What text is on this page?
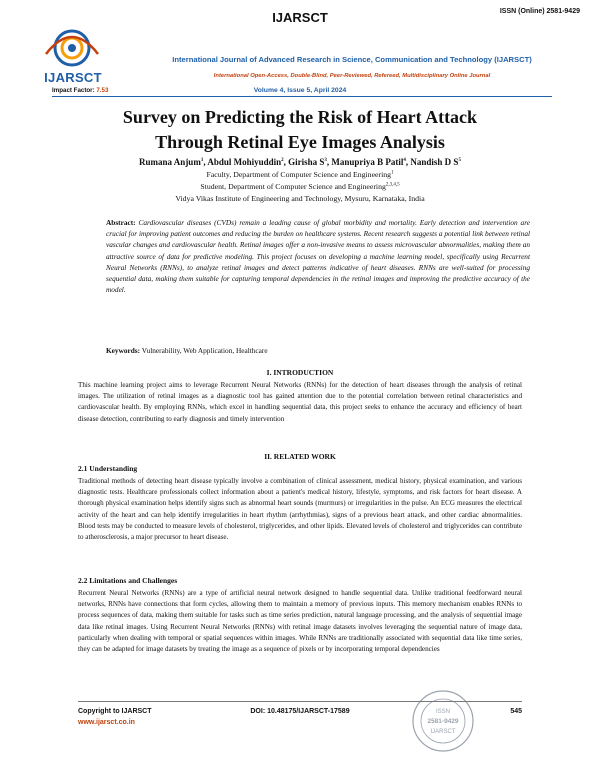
IJARSCT	ISSN (Online) 2581-9429
IJARSCT
International Journal of Advanced Research in Science, Communication and Technology (IJARSCT)
International Open-Access, Double-Blind, Peer-Reviewed, Refereed, Multidisciplinary Online Journal
Impact Factor: 7.53	Volume 4, Issue 5, April 2024
Survey on Predicting the Risk of Heart Attack
Through Retinal Eye Images Analysis
Rumana Anjum$^1$, Abdul Mohiyuddin$^2$, Girisha $S^3$, Manupriya B Patil$^4$, Nandish D $S^5$
Faculty, Department of Computer Science and Engineering$^1$
Student, Department of Computer Science and Engineering$^{2,3,4,5}$
Vidya Vikas Institute of Engineering and Technology, Mysuru, Karnataka, India
Abstract: Cardiovascular diseases (CVDs) remain a leading cause of global morbidity and mortality. Early detection and intervention are crucial for improving patient outcomes and reducing the burden on healthcare systems. Recent research suggests a potential link between retinal vascular changes and cardiovascular health. Retinal images offer a non-invasive means to assess microvascular abnormalities, making them an attractive source of data for predictive modeling. This project focuses on developing a machine learning model, specifically using Recurrent Neural Networks (RNNs), to analyze retinal images and detect patterns indicative of heart diseases. RNNs are well-suited for processing sequential data, making them suitable for capturing temporal dependencies in the retinal images and improving the predictive accuracy of the model.
Keywords: Vulnerability, Web Application, Healthcare
I. INTRODUCTION
This machine learning project aims to leverage Recurrent Neural Networks (RNNs) for the detection of heart diseases through the analysis of retinal images. The utilization of retinal images as a diagnostic tool has gained attention due to the potential correlation between retinal characteristics and cardiovascular health. By employing RNNs, which excel in handling sequential data, this project seeks to enhance the accuracy and efficiency of heart disease detection, contributing to early diagnosis and timely intervention
II. RELATED WORK
2.1 Understanding
Traditional methods of detecting heart disease typically involve a combination of clinical assessment, medical history, physical examination, and various diagnostic tests. Healthcare professionals collect information about a patient's medical history, lifestyle, symptoms, and risk factors for heart disease. A thorough physical examination helps identify signs such as abnormal heart sounds (murmurs) or irregularities in the pulse. An ECG measures the electrical activity of the heart and can help identify irregularities in heart rhythm (arrhythmias), signs of a previous heart attack, and other cardiac abnormalities. Blood tests may be conducted to measure levels of cholesterol, triglycerides, and other lipids. Elevated levels of cholesterol and triglycerides can contribute to atherosclerosis, a major precursor to heart disease.
2.2 Limitations and Challenges
Recurrent Neural Networks (RNNs) are a type of artificial neural network designed to handle sequential data. Unlike traditional feedforward neural networks, RNNs have connections that form cycles, allowing them to maintain a memory of previous inputs. This memory mechanism enables RNNs to process sequences of data, making them suitable for tasks such as time series prediction, natural language processing, and the analysis of sequential image data like retinal images. Using Recurrent Neural Networks (RNNs) with retinal image datasets involves leveraging the sequential nature of image data, particularly when dealing with temporal or spatial sequences within images. While RNNs are traditionally associated with sequential data like time series, they can be adapted for image datasets by treating the image as a sequence of pixels or by incorporating temporal dependencies
ISSN
2581-9429
IJARSCT
Copyright to IJARSCT
www.ijarsct.co.in
DOI: 10.48175/IJARSCT-17589	545
